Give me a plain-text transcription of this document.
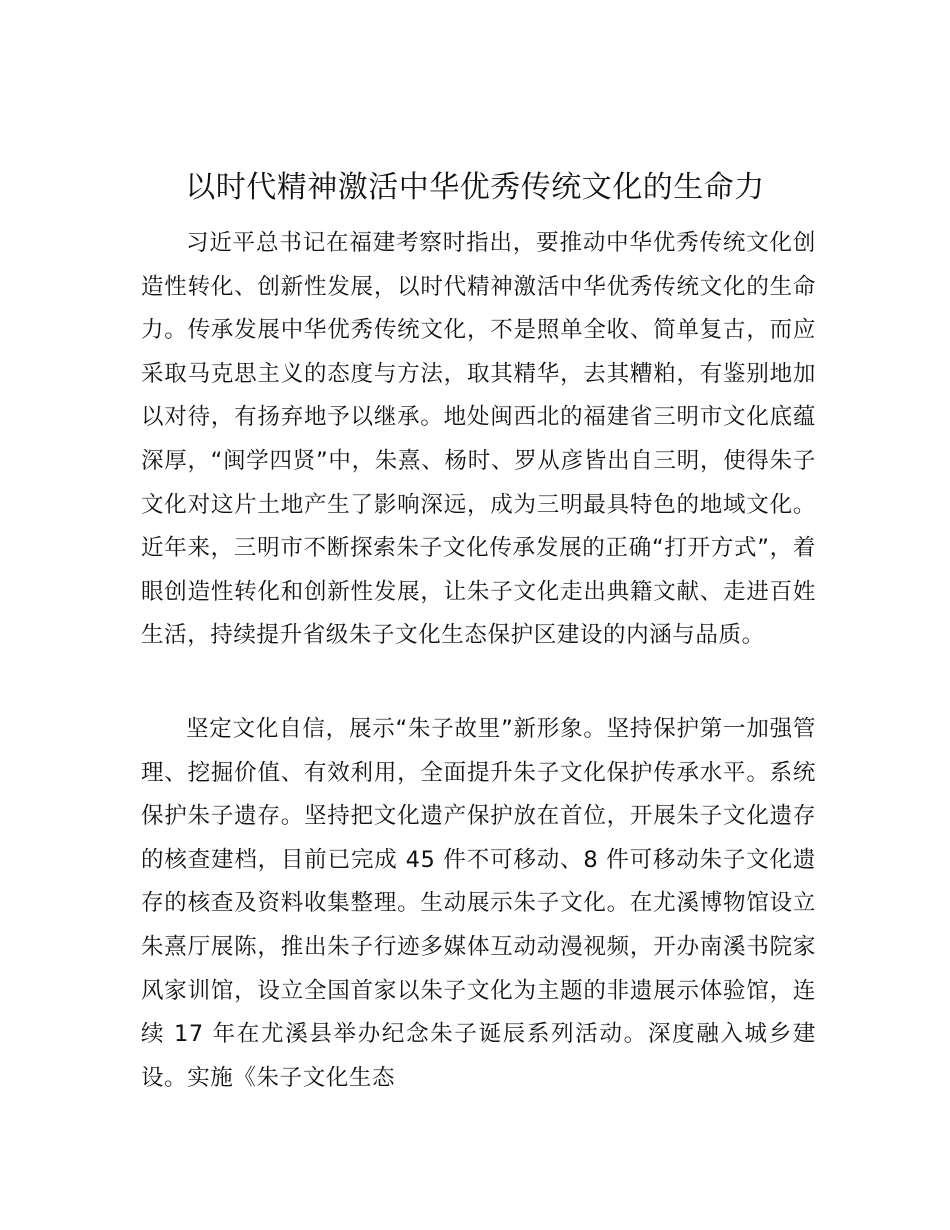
以时代精神激活中华优秀传统文化的生命力

习近平总书记在福建考察时指出，要推动中华优秀传统文化创造性转化、创新性发展，以时代精神激活中华优秀传统文化的生命力。传承发展中华优秀传统文化，不是照单全收、简单复古，而应采取马克思主义的态度与方法，取其精华，去其糟粕，有鉴别地加以对待，有扬弃地予以继承。地处闽西北的福建省三明市文化底蕴深厚，“闽学四贤”中，朱熹、杨时、罗从彦皆出自三明，使得朱子文化对这片土地产生了影响深远，成为三明最具特色的地域文化。近年来，三明市不断探索朱子文化传承发展的正确“打开方式”，着眼创造性转化和创新性发展，让朱子文化走出典籍文献、走进百姓生活，持续提升省级朱子文化生态保护区建设的内涵与品质。

坚定文化自信，展示“朱子故里”新形象。坚持保护第一加强管理、挖掘价值、有效利用，全面提升朱子文化保护传承水平。系统保护朱子遗存。坚持把文化遗产保护放在首位，开展朱子文化遗存的核查建档，目前已完成 45 件不可移动、8 件可移动朱子文化遗存的核查及资料收集整理。生动展示朱子文化。在尤溪博物馆设立朱熹厅展陈，推出朱子行迹多媒体互动动漫视频，开办南溪书院家风家训馆，设立全国首家以朱子文化为主题的非遗展示体验馆，连续 17 年在尤溪县举办纪念朱子诞辰系列活动。深度融入城乡建设。实施《朱子文化生态
